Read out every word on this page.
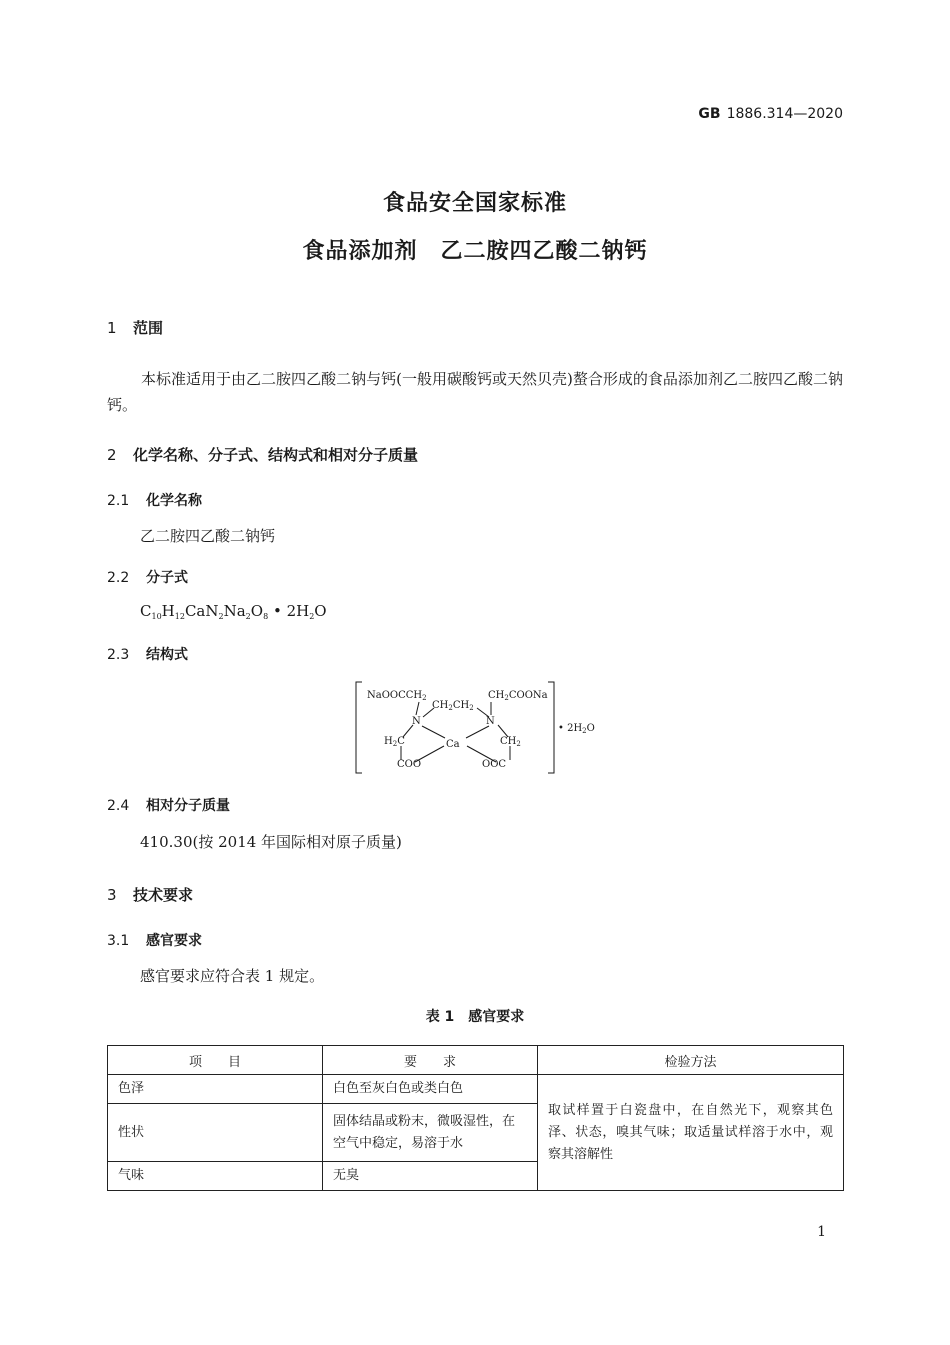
GB 1886.314—2020
食品安全国家标准
食品添加剂　乙二胺四乙酸二钠钙
1 范围
本标准适用于由乙二胺四乙酸二钠与钙(一般用碳酸钙或天然贝壳)螯合形成的食品添加剂乙二胺四乙酸二钠钙。
2 化学名称、分子式、结构式和相对分子质量
2.1 化学名称
乙二胺四乙酸二钠钙
2.2 分子式
$C_{10}H_{12}CaN_2Na_2O_8$ • $2H_2O$
2.3 结构式
NaOOCCH$_2$
$CH_2CH_2$
$CH_2COONa$
N	N
$H_2C$	$CH_2$
Ca
COO	OOC
• $2H_2O$
2.4 相对分子质量
410.30(按 2014 年国际相对原子质量)
3 技术要求
3.1 感官要求
感官要求应符合表 1 规定。
表 1　感官要求
项　　目	要　　求	检验方法
色泽	白色至灰白色或类白色	取试样置于白瓷盘中，在自然光下，观察其色泽、状态，嗅其气味；取适量试样溶于水中，观察其溶解性
性状	固体结晶或粉末，微吸湿性，在空气中稳定，易溶于水	
气味	无臭	
1
